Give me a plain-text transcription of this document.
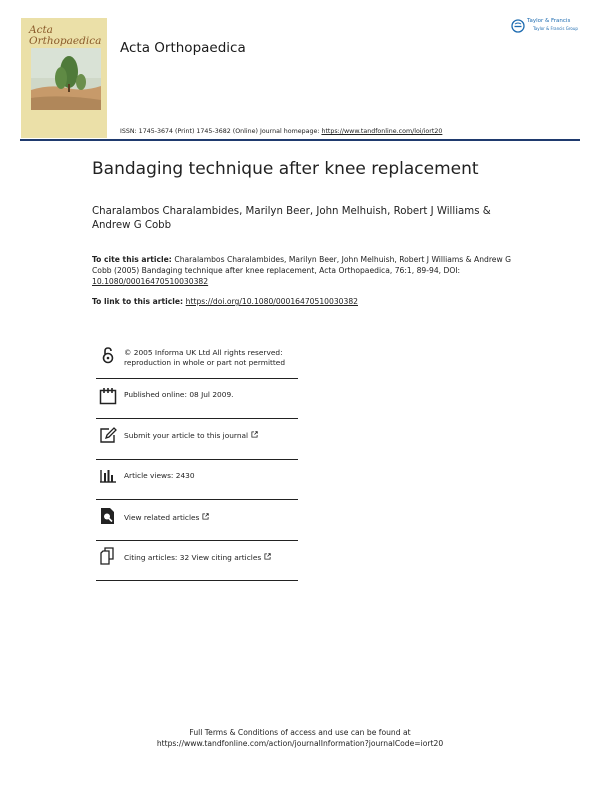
Acta
Orthopaedica Acta Orthopaedica
Taylor & Francis
Taylor & Francis Group
ISSN: 1745-3674 (Print) 1745-3682 (Online) Journal homepage: https://www.tandfonline.com/loi/iort20
Bandaging technique after knee replacement
Charalambos Charalambides, Marilyn Beer, John Melhuish, Robert J Williams & Andrew G Cobb
To cite this article: Charalambos Charalambides, Marilyn Beer, John Melhuish, Robert J Williams & Andrew G Cobb (2005) Bandaging technique after knee replacement, Acta Orthopaedica, 76:1, 89-94, DOI: 10.1080/00016470510030382
To link to this article: https://doi.org/10.1080/00016470510030382
© 2005 Informa UK Ltd All rights reserved:
reproduction in whole or part not permitted
Published online: 08 Jul 2009.
Submit your article to this journal
Article views: 2430
View related articles
Citing articles: 32 View citing articles
Full Terms & Conditions of access and use can be found at
https://www.tandfonline.com/action/journalInformation?journalCode=iort20
